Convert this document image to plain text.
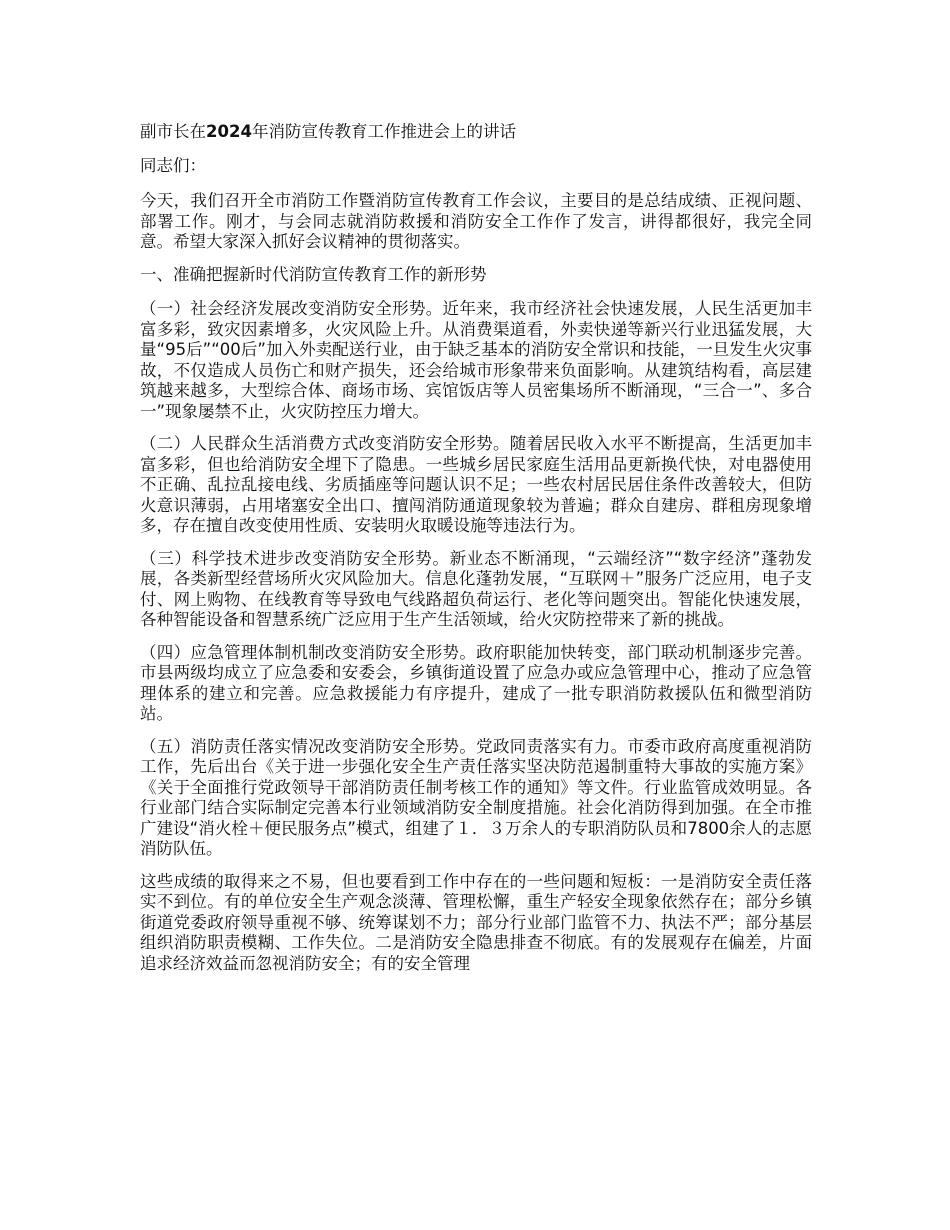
副市长在2024年消防宣传教育工作推进会上的讲话

同志们：

今天，我们召开全市消防工作暨消防宣传教育工作会议，主要目的是总结成绩、正视问题、部署工作。刚才，与会同志就消防救援和消防安全工作作了发言，讲得都很好，我完全同意。希望大家深入抓好会议精神的贯彻落实。

一、准确把握新时代消防宣传教育工作的新形势

（一）社会经济发展改变消防安全形势。近年来，我市经济社会快速发展，人民生活更加丰富多彩，致灾因素增多，火灾风险上升。从消费渠道看，外卖快递等新兴行业迅猛发展，大量“95后”“00后”加入外卖配送行业，由于缺乏基本的消防安全常识和技能，一旦发生火灾事故，不仅造成人员伤亡和财产损失，还会给城市形象带来负面影响。从建筑结构看，高层建筑越来越多，大型综合体、商场市场、宾馆饭店等人员密集场所不断涌现，“三合一”、多合一”现象屡禁不止，火灾防控压力增大。

（二）人民群众生活消费方式改变消防安全形势。随着居民收入水平不断提高，生活更加丰富多彩，但也给消防安全埋下了隐患。一些城乡居民家庭生活用品更新换代快，对电器使用不正确、乱拉乱接电线、劣质插座等问题认识不足；一些农村居民居住条件改善较大，但防火意识薄弱，占用堵塞安全出口、擅闯消防通道现象较为普遍；群众自建房、群租房现象增多，存在擅自改变使用性质、安装明火取暖设施等违法行为。

（三）科学技术进步改变消防安全形势。新业态不断涌现，“云端经济”“数字经济”蓬勃发展，各类新型经营场所火灾风险加大。信息化蓬勃发展，“互联网＋”服务广泛应用，电子支付、网上购物、在线教育等导致电气线路超负荷运行、老化等问题突出。智能化快速发展，各种智能设备和智慧系统广泛应用于生产生活领域，给火灾防控带来了新的挑战。

（四）应急管理体制机制改变消防安全形势。政府职能加快转变，部门联动机制逐步完善。市县两级均成立了应急委和安委会，乡镇街道设置了应急办或应急管理中心，推动了应急管理体系的建立和完善。应急救援能力有序提升，建成了一批专职消防救援队伍和微型消防站。

（五）消防责任落实情况改变消防安全形势。党政同责落实有力。市委市政府高度重视消防工作，先后出台《关于进一步强化安全生产责任落实坚决防范遏制重特大事故的实施方案》《关于全面推行党政领导干部消防责任制考核工作的通知》等文件。行业监管成效明显。各行业部门结合实际制定完善本行业领域消防安全制度措施。社会化消防得到加强。在全市推广建设“消火栓＋便民服务点”模式，组建了１．３万余人的专职消防队员和7800余人的志愿消防队伍。

这些成绩的取得来之不易，但也要看到工作中存在的一些问题和短板：一是消防安全责任落实不到位。有的单位安全生产观念淡薄、管理松懈，重生产轻安全现象依然存在；部分乡镇街道党委政府领导重视不够、统筹谋划不力；部分行业部门监管不力、执法不严；部分基层组织消防职责模糊、工作失位。二是消防安全隐患排查不彻底。有的发展观存在偏差，片面追求经济效益而忽视消防安全；有的安全管理
